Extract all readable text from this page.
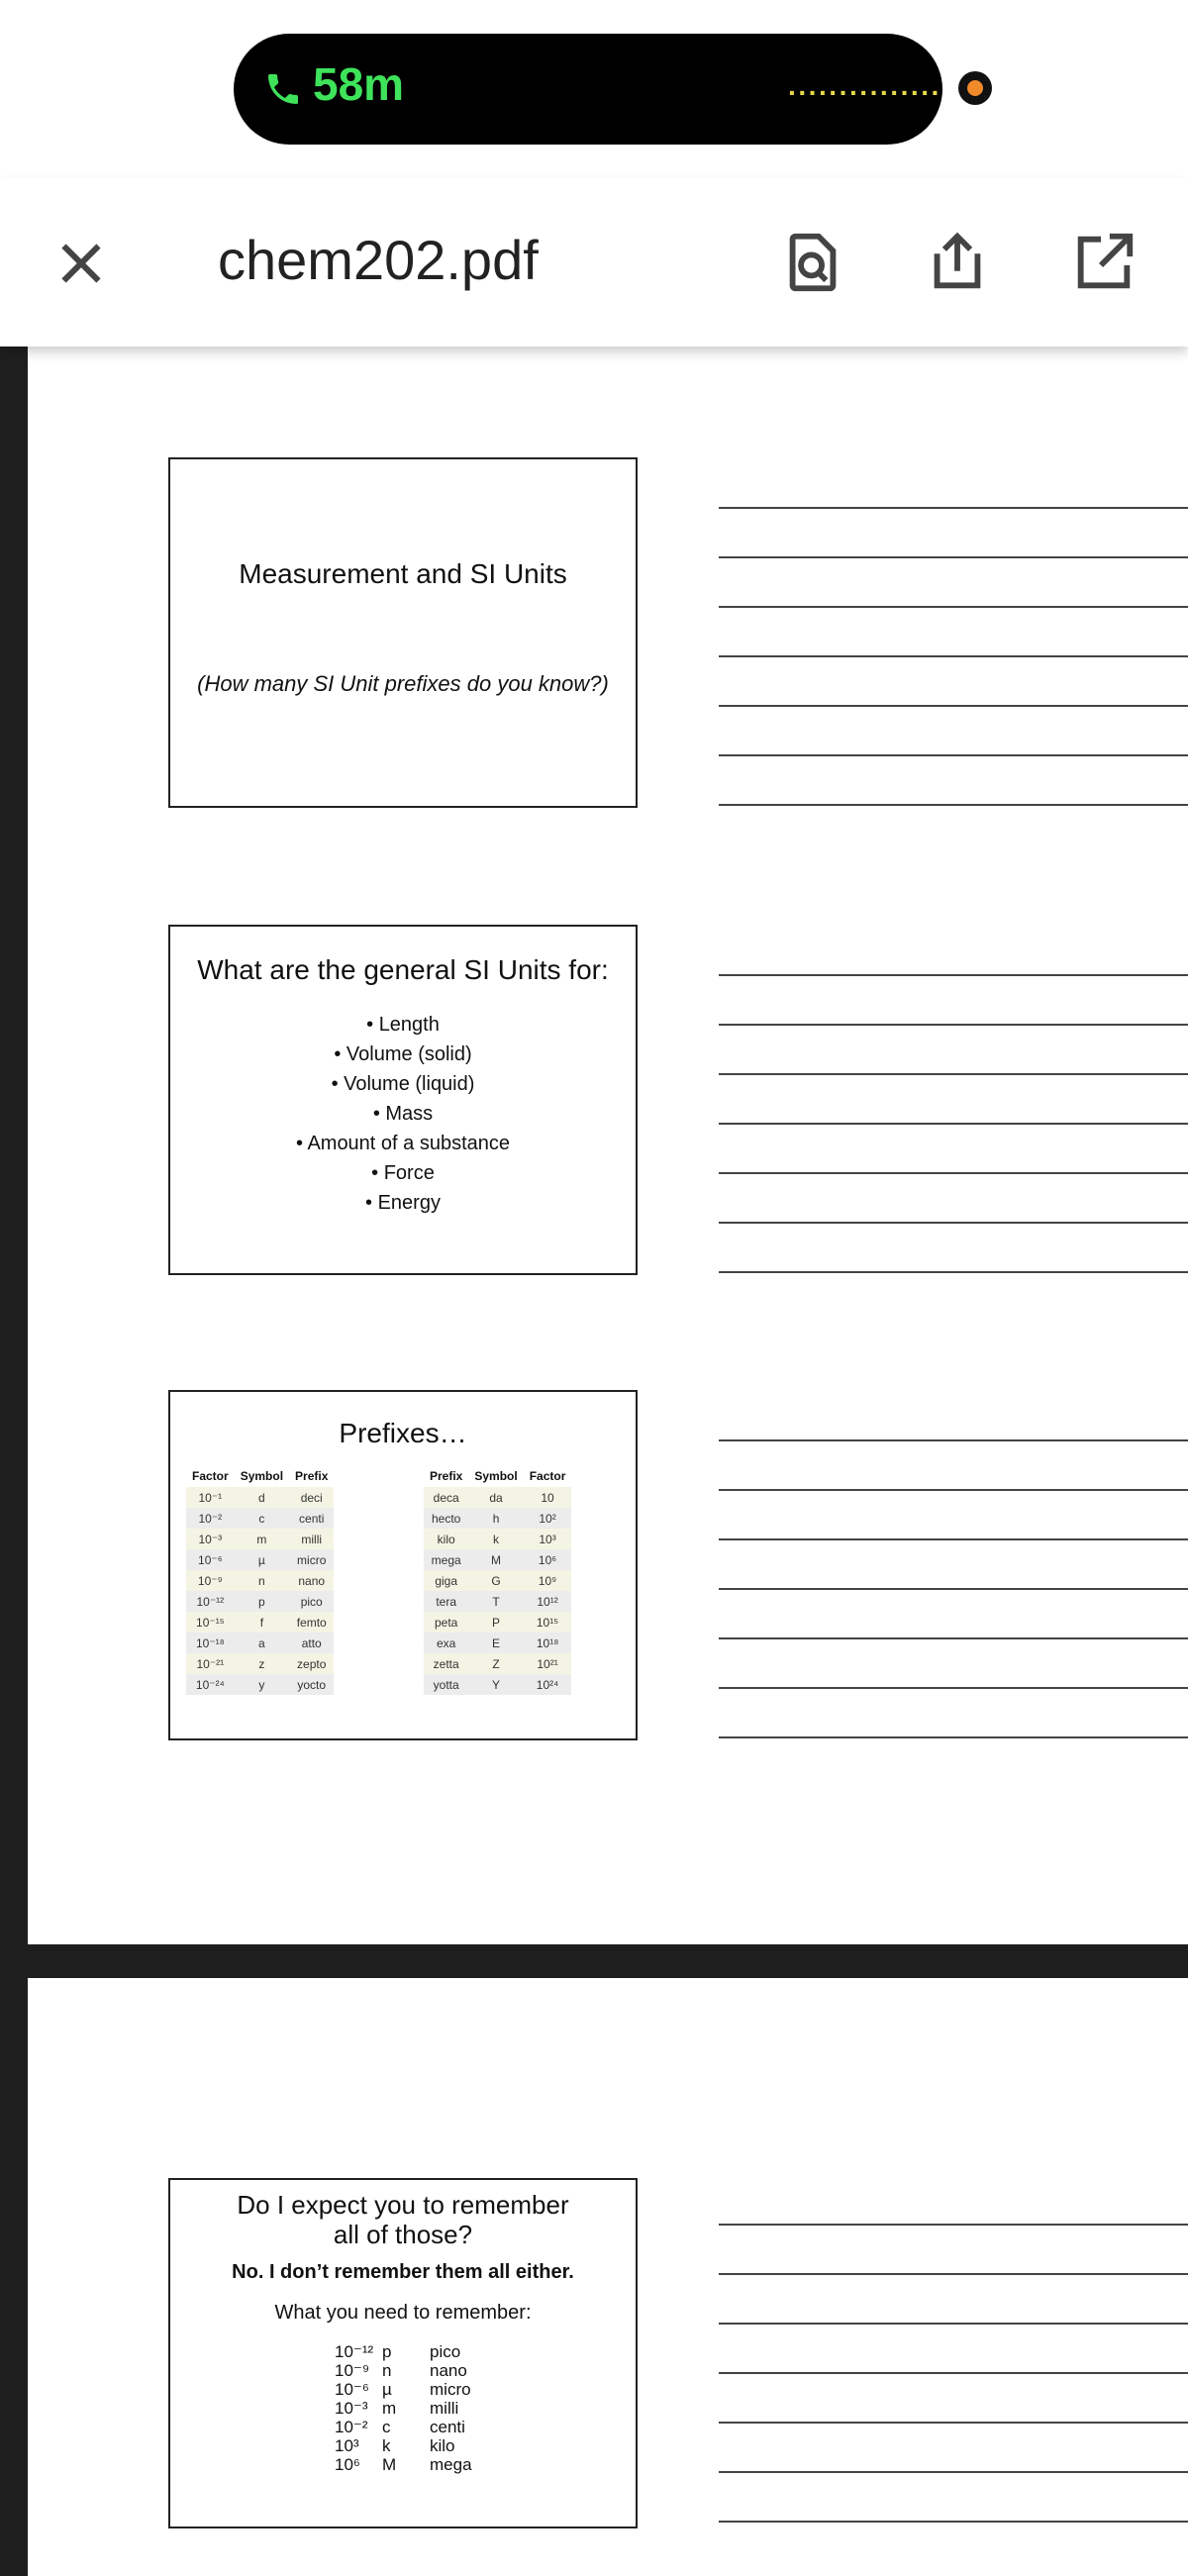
58m	···············
chem202.pdf
Measurement and SI Units
(How many SI Unit prefixes do you know?)
What are the general SI Units for:
• Length
• Volume (solid)
• Volume (liquid)
• Mass
• Amount of a substance
• Force
• Energy
Prefixes…
Factor	Symbol	Prefix
10⁻¹	d	deci
10⁻²	c	centi
10⁻³	m	milli
10⁻⁶	µ	micro
10⁻⁹	n	nano
10⁻¹²	p	pico
10⁻¹⁵	f	femto
10⁻¹⁸	a	atto
10⁻²¹	z	zepto
10⁻²⁴	y	yocto
Prefix	Symbol	Factor
deca	da	10
hecto	h	10²
kilo	k	10³
mega	M	10⁶
giga	G	10⁹
tera	T	10¹²
peta	P	10¹⁵
exa	E	10¹⁸
zetta	Z	10²¹
yotta	Y	10²⁴
Do I expect you to remember
all of those?
No. I don’t remember them all either.
What you need to remember:
10⁻¹² p pico
10⁻⁹ n nano
10⁻⁶ µ micro
10⁻³ m milli
10⁻² c centi
10³ k kilo
10⁶ M mega
